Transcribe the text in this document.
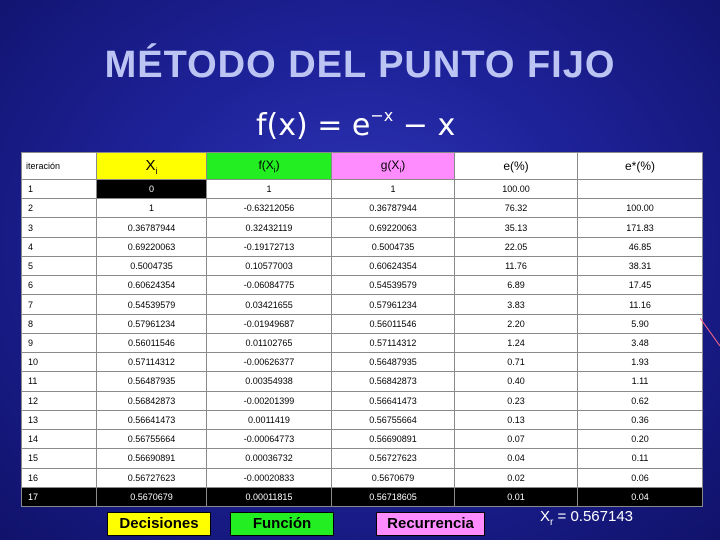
MÉTODO DEL PUNTO FIJO
$f(x) = e^{-x} - x$
iteración	$X_i$	$f(X_i)$	$g(X_i)$	e(%)	e*(%)
1	0	1	1	100.00	
2	1	-0.63212056	0.36787944	76.32	100.00
3	0.36787944	0.32432119	0.69220063	35.13	171.83
4	0.69220063	-0.19172713	0.5004735	22.05	46.85
5	0.5004735	0.10577003	0.60624354	11.76	38.31
6	0.60624354	-0.06084775	0.54539579	6.89	17.45
7	0.54539579	0.03421655	0.57961234	3.83	11.16
8	0.57961234	-0.01949687	0.56011546	2.20	5.90
9	0.56011546	0.01102765	0.57114312	1.24	3.48
10	0.57114312	-0.00626377	0.56487935	0.71	1.93
11	0.56487935	0.00354938	0.56842873	0.40	1.11
12	0.56842873	-0.00201399	0.56641473	0.23	0.62
13	0.56641473	0.0011419	0.56755664	0.13	0.36
14	0.56755664	-0.00064773	0.56690891	0.07	0.20
15	0.56690891	0.00036732	0.56727623	0.04	0.11
16	0.56727623	-0.00020833	0.5670679	0.02	0.06
17	0.5670679	0.00011815	0.56718605	0.01	0.04
Decisiones	Función	Recurrencia	$X_r = 0.567143$
